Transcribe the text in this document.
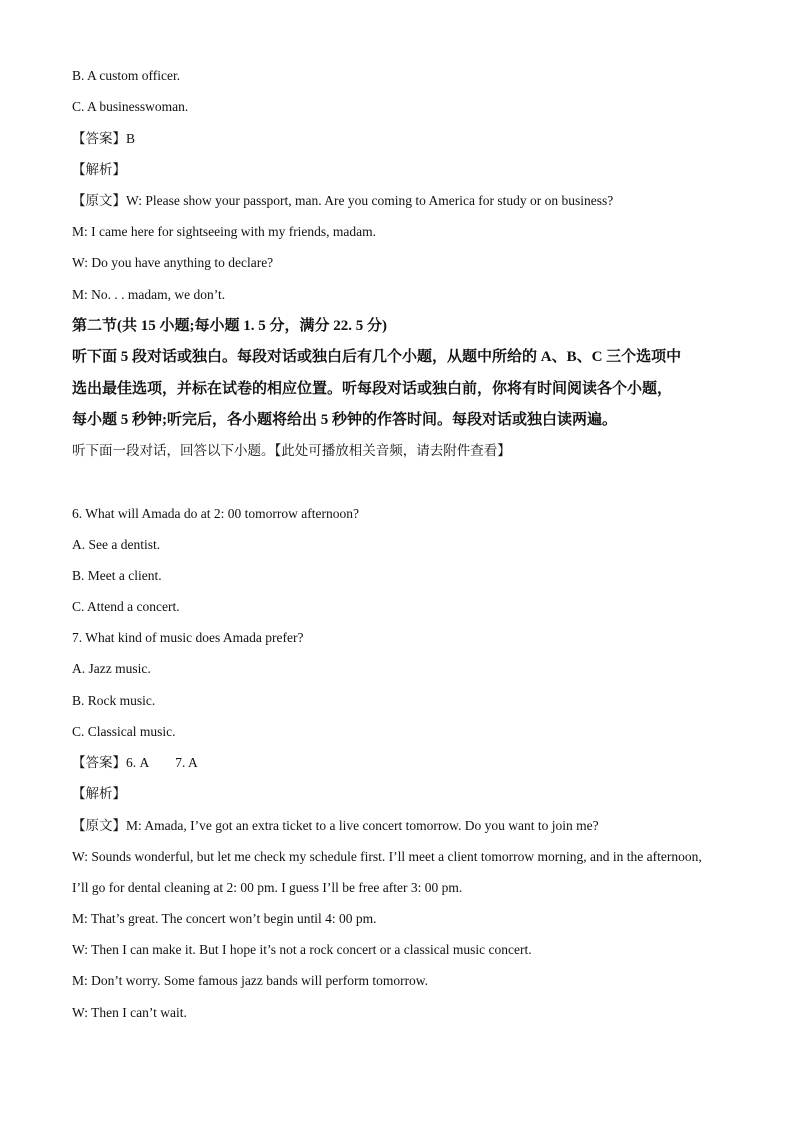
B. A custom officer.

C. A businesswoman.

【答案】B

【解析】

【原文】W: Please show your passport, man. Are you coming to America for study or on business?

M: I came here for sightseeing with my friends, madam.

W: Do you have anything to declare?

M: No. . . madam, we don’t.

第二节(共 15 小题;每小题 1. 5 分，满分 22. 5 分)

听下面 5 段对话或独白。每段对话或独白后有几个小题，从题中所给的 A、B、C 三个选项中

选出最佳选项，并标在试卷的相应位置。听每段对话或独白前，你将有时间阅读各个小题，

每小题 5 秒钟;听完后，各小题将给出 5 秒钟的作答时间。每段对话或独白读两遍。

听下面一段对话，回答以下小题。【此处可播放相关音频，请去附件查看】

6. What will Amada do at 2: 00 tomorrow afternoon?

A. See a dentist.

B. Meet a client.

C. Attend a concert.

7. What kind of music does Amada prefer?

A. Jazz music.

B. Rock music.

C. Classical music.

【答案】6. A 7. A

【解析】

【原文】M: Amada, I’ve got an extra ticket to a live concert tomorrow. Do you want to join me?

W: Sounds wonderful, but let me check my schedule first. I’ll meet a client tomorrow morning, and in the afternoon,

I’ll go for dental cleaning at 2: 00 pm. I guess I’ll be free after 3: 00 pm.

M: That’s great. The concert won’t begin until 4: 00 pm.

W: Then I can make it. But I hope it’s not a rock concert or a classical music concert.

M: Don’t worry. Some famous jazz bands will perform tomorrow.

W: Then I can’t wait.
